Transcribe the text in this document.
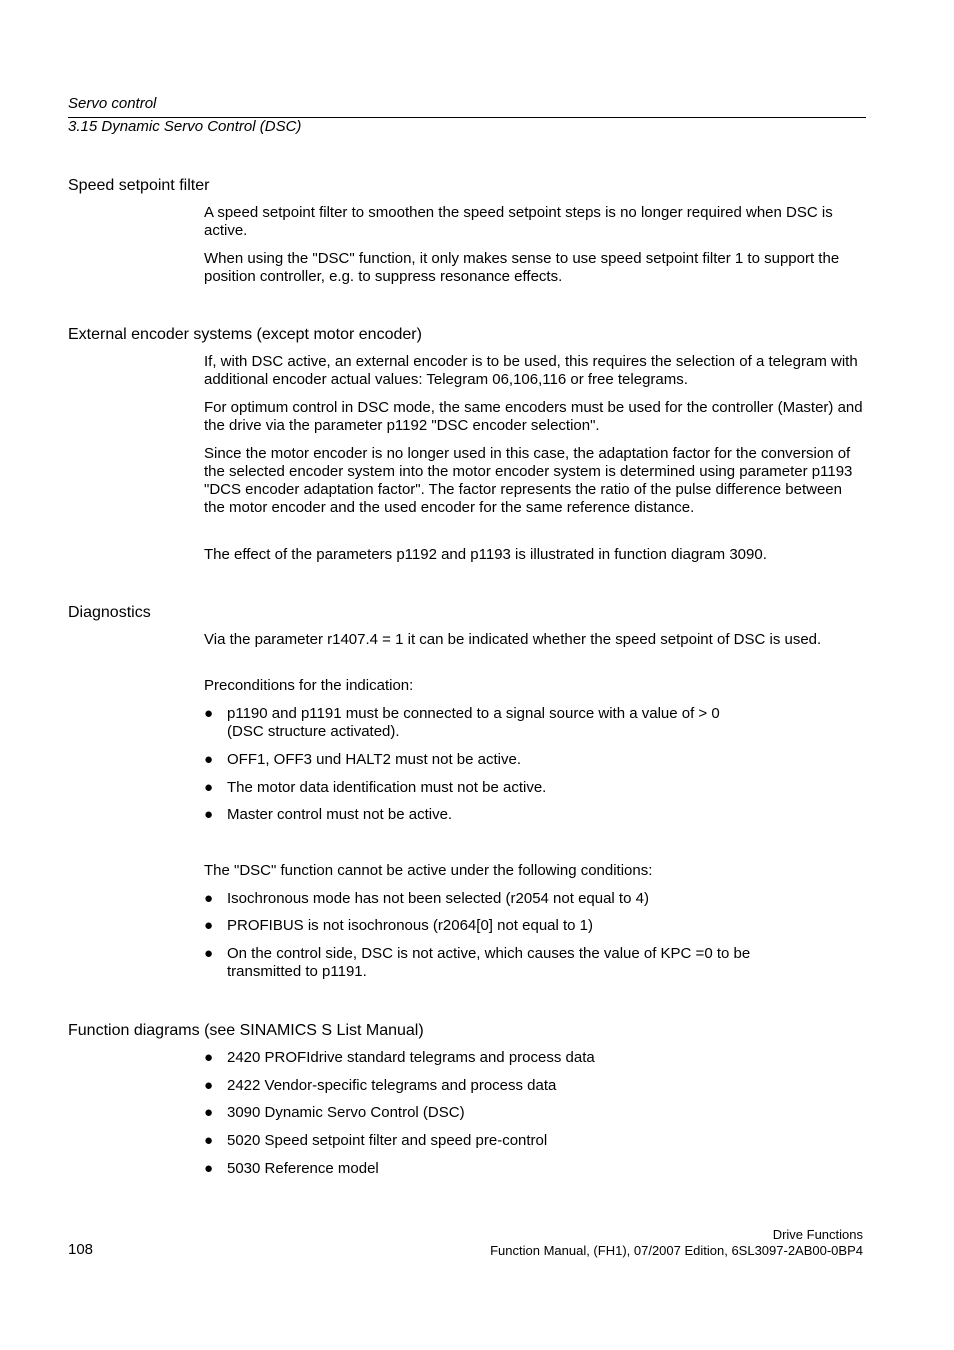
Servo control
3.15 Dynamic Servo Control (DSC)
Speed setpoint filter

A speed setpoint filter to smoothen the speed setpoint steps is no longer required when DSC is active.

When using the "DSC" function, it only makes sense to use speed setpoint filter 1 to support the position controller, e.g. to suppress resonance effects.

External encoder systems (except motor encoder)

If, with DSC active, an external encoder is to be used, this requires the selection of a telegram with additional encoder actual values: Telegram 06,106,116 or free telegrams.

For optimum control in DSC mode, the same encoders must be used for the controller (Master) and the drive via the parameter p1192 "DSC encoder selection".

Since the motor encoder is no longer used in this case, the adaptation factor for the conversion of the selected encoder system into the motor encoder system is determined using parameter p1193 "DCS encoder adaptation factor". The factor represents the ratio of the pulse difference between the motor encoder and the used encoder for the same reference distance.

The effect of the parameters p1192 and p1193 is illustrated in function diagram 3090.

Diagnostics

Via the parameter r1407.4 = 1 it can be indicated whether the speed setpoint of DSC is used.

Preconditions for the indication:

● p1190 and p1191 must be connected to a signal source with a value of > 0
(DSC structure activated).
● OFF1, OFF3 und HALT2 must not be active.
● The motor data identification must not be active.
● Master control must not be active.

The "DSC" function cannot be active under the following conditions:

● Isochronous mode has not been selected (r2054 not equal to 4)
● PROFIBUS is not isochronous (r2064[0] not equal to 1)
● On the control side, DSC is not active, which causes the value of KPC =0 to be transmitted to p1191.
Function diagrams (see SINAMICS S List Manual)
● 2420 PROFIdrive standard telegrams and process data
● 2422 Vendor-specific telegrams and process data
● 3090 Dynamic Servo Control (DSC)
● 5020 Speed setpoint filter and speed pre-control
● 5030 Reference model
108
Drive Functions
Function Manual, (FH1), 07/2007 Edition, 6SL3097-2AB00-0BP4
